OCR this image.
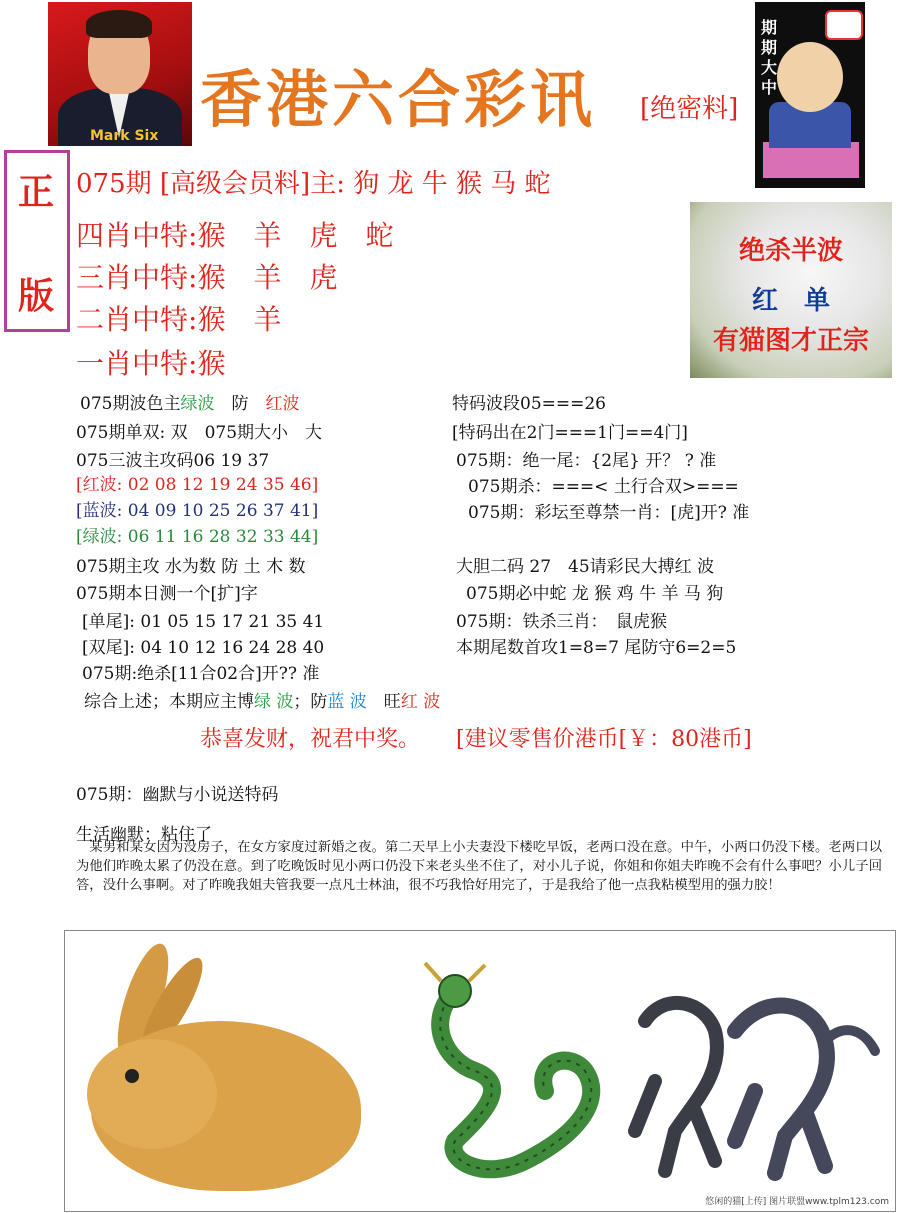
Mark Six 香港六合彩讯 [绝密料]
期期大中
正
版
075期 [高级会员料]主: 狗 龙 牛 猴 马 蛇
四肖中特:猴　羊　虎　蛇
三肖中特:猴　羊　虎
二肖中特:猴　羊
一肖中特:猴
绝杀半波
红　单
有猫图才正宗
075期波色主绿波　防　红波
075期单双: 双　075期大小　大
075三波主攻码06 19 37
[红波: 02 08 12 19 24 35 46]
[蓝波: 04 09 10 25 26 37 41]
[绿波: 06 11 16 28 32 33 44]
075期主攻 水为数 防 土 木 数
075期本日测一个[扩]字
[单尾]: 01 05 15 17 21 35 41
[双尾]: 04 10 12 16 24 28 40
075期:绝杀[11合02合]开?? 准
综合上述；本期应主博绿 波；防蓝 波　旺红 波
特码波段05===26
[特码出在2门===1门==4门]
075期：绝一尾：{2尾} 开？ ? 准
075期杀：===< 土行合双>===
075期：彩坛至尊禁一肖：[虎]开? 准
大胆二码 27　45请彩民大搏红 波
075期必中蛇 龙 猴 鸡 牛 羊 马 狗
075期：铁杀三肖：　鼠虎猴
本期尾数首攻1=8=7 尾防守6=2=5
恭喜发财，祝君中奖。 [建议零售价港币[￥：80港币]
075期：幽默与小说送特码
生活幽默：粘住了
　某男和某女因为没房子，在女方家度过新婚之夜。第二天早上小夫妻没下楼吃早饭，老两口没在意。中午，小两口仍没下楼。老两口以为他们昨晚太累了仍没在意。到了吃晚饭时见小两口仍没下来老头坐不住了，对小儿子说，你姐和你姐夫昨晚不会有什么事吧？小儿子回答，没什么事啊。对了昨晚我姐夫管我要一点凡士林油，很不巧我恰好用完了，于是我给了他一点我粘模型用的强力胶！
悠闲的猫[上传] 图片联盟www.tplm123.com
